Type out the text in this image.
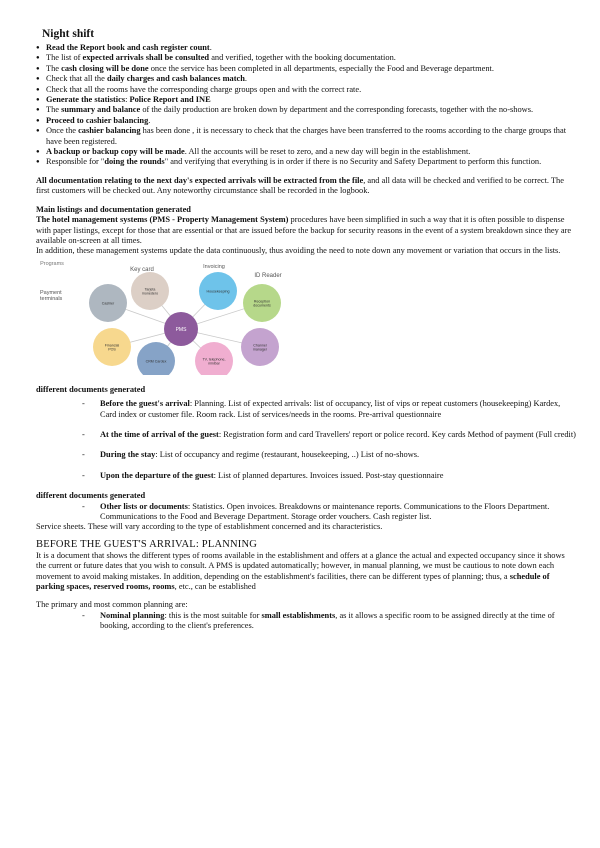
Night shift
● Read the Report book and cash register count.
● The list of expected arrivals shall be consulted and verified, together with the booking documentation.
● The cash closing will be done once the service has been completed in all departments, especially the Food and Beverage department.
● Check that all the daily charges and cash balances match.
● Check that all the rooms have the corresponding charge groups open and with the correct rate.
● Generate the statistics: Police Report and INE
● The summary and balance of the daily production are broken down by department and the corresponding forecasts, together with the no-shows.
● Proceed to cashier balancing.
● Once the cashier balancing has been done , it is necessary to check that the charges have been transferred to the rooms according to the charge groups that have been registered.
● A backup or backup copy will be made. All the accounts will be reset to zero, and a new day will begin in the establishment.
● Responsible for "doing the rounds" and verifying that everything is in order if there is no Security and Safety Department to perform this function.

All documentation relating to the next day's expected arrivals will be extracted from the file, and all data will be checked and verified to be correct. The first customers will be checked out. Any noteworthy circumstance shall be recorded in the logbook.

Main listings and documentation generated

The hotel management systems (PMS - Property Management System) procedures have been simplified in such a way that it is often possible to dispense with paper listings, except for those that are essential or that are issued before the backup for security reasons in the event of a system breakdown since they are available on-screen at all times.

In addition, these management systems update the data continuously, thus avoiding the need to note down any movement or variation that occurs in the lists.

Cashier
Tarjeta monedero	Housekeeping
Reception documents
Financial POS
CRM Cardex	TV, telephone, minibar
Channel manager
PMS
Payment terminals
Key card	Invoicing
ID Reader
Programs

different documents generated

- Before the guest's arrival: Planning. List of expected arrivals: list of occupancy, list of vips or repeat customers (housekeeping) Kardex, Card index or customer file. Room rack. List of services/needs in the rooms. Pre-arrival questionnaire
- At the time of arrival of the guest: Registration form and card Travellers' report or police record. Key cards Method of payment (Full credit)
- During the stay: List of occupancy and regime (restaurant, housekeeping, ..) List of no-shows.
- Upon the departure of the guest: List of planned departures. Invoices issued. Post-stay questionnaire

different documents generated

- Other lists or documents: Statistics. Open invoices. Breakdowns or maintenance reports. Communications to the Floors Department. Communications to the Food and Beverage Department. Storage order vouchers. Cash register list.

Service sheets. These will vary according to the type of establishment concerned and its characteristics.

BEFORE THE GUEST'S ARRIVAL: PLANNING

It is a document that shows the different types of rooms available in the establishment and offers at a glance the actual and expected occupancy since it shows the current or future dates that you wish to consult. A PMS is updated automatically; however, in manual planning, we must be cautious to note down each movement to avoid making mistakes. In addition, depending on the establishment's facilities, there can be different types of planning; thus, a schedule of parking spaces, reserved rooms, rooms, etc., can be established

The primary and most common planning are:

- Nominal planning: this is the most suitable for small establishments, as it allows a specific room to be assigned directly at the time of booking, according to the client's preferences.
